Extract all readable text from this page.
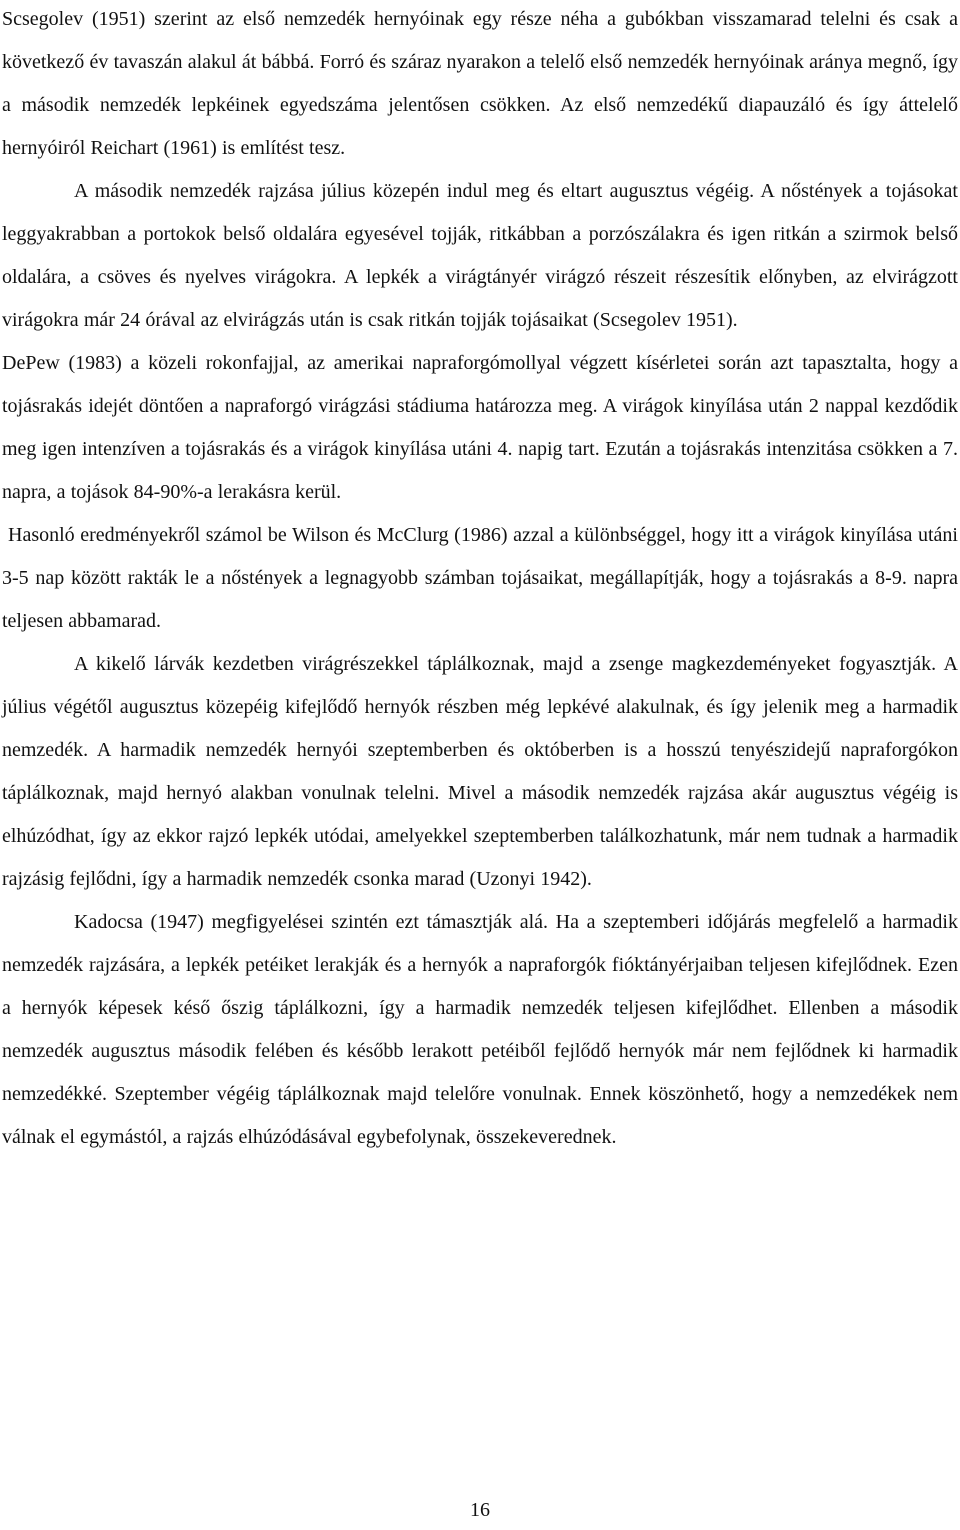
Scsegolev (1951) szerint az első nemzedék hernyóinak egy része néha a gubókban visszamarad telelni és csak a következő év tavaszán alakul át bábbá. Forró és száraz nyarakon a telelő első nemzedék hernyóinak aránya megnő, így a második nemzedék lepkéinek egyedszáma jelentősen csökken. Az első nemzedékű diapauzáló és így áttelelő hernyóiról Reichart (1961) is említést tesz.

A második nemzedék rajzása július közepén indul meg és eltart augusztus végéig. A nőstények a tojásokat leggyakrabban a portokok belső oldalára egyesével tojják, ritkábban a porzószálakra és igen ritkán a szirmok belső oldalára, a csöves és nyelves virágokra. A lepkék a virágtányér virágzó részeit részesítik előnyben, az elvirágzott virágokra már 24 órával az elvirágzás után is csak ritkán tojják tojásaikat (Scsegolev 1951).

DePew (1983) a közeli rokonfajjal, az amerikai napraforgómollyal végzett kísérletei során azt tapasztalta, hogy a tojásrakás idejét döntően a napraforgó virágzási stádiuma határozza meg. A virágok kinyílása után 2 nappal kezdődik meg igen intenzíven a tojásrakás és a virágok kinyílása utáni 4. napig tart. Ezután a tojásrakás intenzitása csökken a 7. napra, a tojások 84-90%-a lerakásra kerül.

Hasonló eredményekről számol be Wilson és McClurg (1986) azzal a különbséggel, hogy itt a virágok kinyílása utáni 3-5 nap között rakták le a nőstények a legnagyobb számban tojásaikat, megállapítják, hogy a tojásrakás a 8-9. napra teljesen abbamarad.

A kikelő lárvák kezdetben virágrészekkel táplálkoznak, majd a zsenge magkezdeményeket fogyasztják. A július végétől augusztus közepéig kifejlődő hernyók részben még lepkévé alakulnak, és így jelenik meg a harmadik nemzedék. A harmadik nemzedék hernyói szeptemberben és októberben is a hosszú tenyészidejű napraforgókon táplálkoznak, majd hernyó alakban vonulnak telelni. Mivel a második nemzedék rajzása akár augusztus végéig is elhúzódhat, így az ekkor rajzó lepkék utódai, amelyekkel szeptemberben találkozhatunk, már nem tudnak a harmadik rajzásig fejlődni, így a harmadik nemzedék csonka marad (Uzonyi 1942).

Kadocsa (1947) megfigyelései szintén ezt támasztják alá. Ha a szeptemberi időjárás megfelelő a harmadik nemzedék rajzására, a lepkék petéiket lerakják és a hernyók a napraforgók fióktányérjaiban teljesen kifejlődnek. Ezen a hernyók képesek késő őszig táplálkozni, így a harmadik nemzedék teljesen kifejlődhet. Ellenben a második nemzedék augusztus második felében és később lerakott petéiből fejlődő hernyók már nem fejlődnek ki harmadik nemzedékké. Szeptember végéig táplálkoznak majd telelőre vonulnak. Ennek köszönhető, hogy a nemzedékek nem válnak el egymástól, a rajzás elhúzódásával egybefolynak, összekeverednek.

16
